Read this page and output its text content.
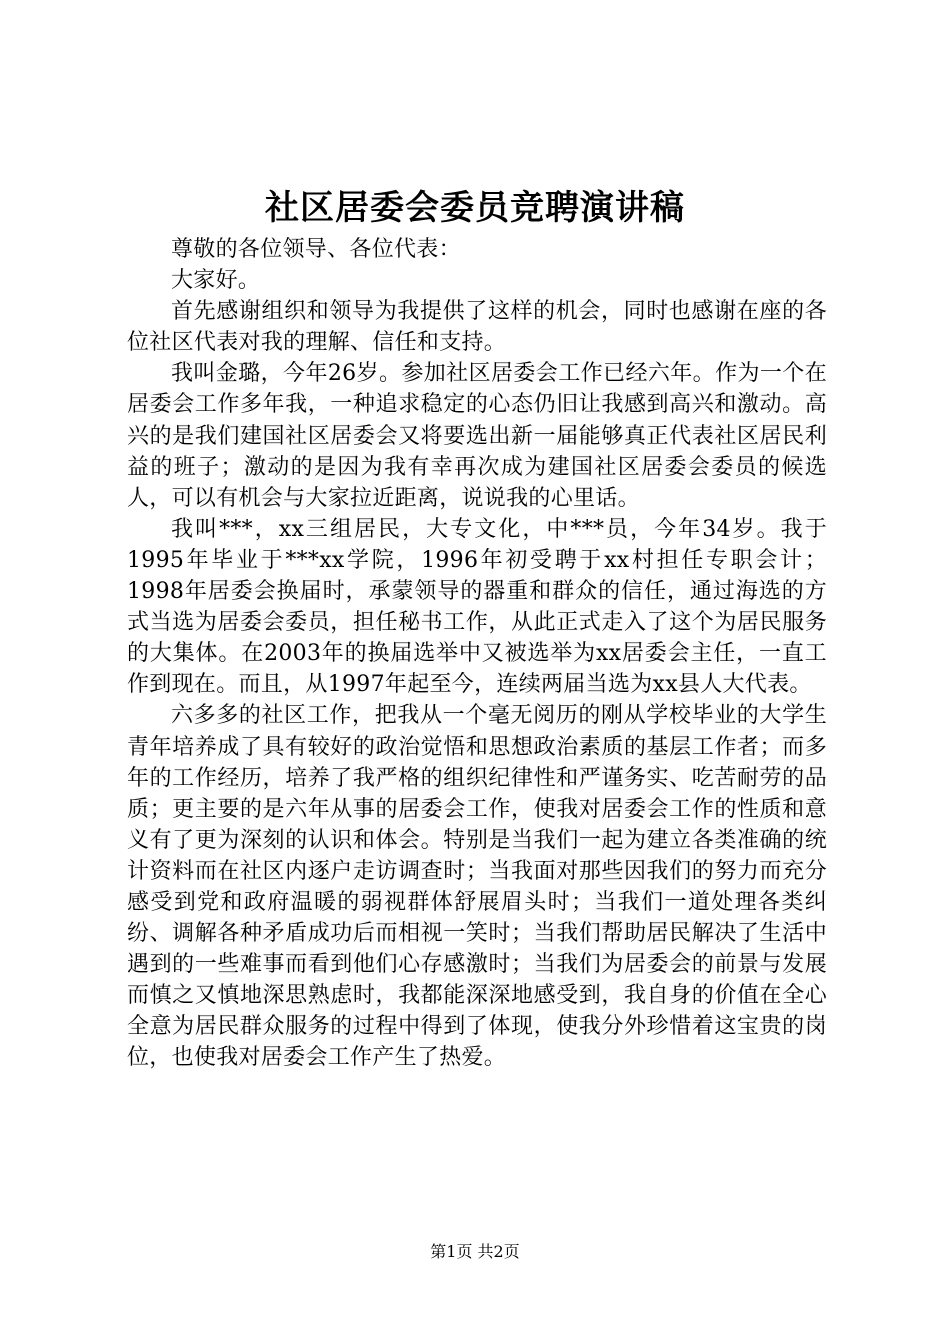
社区居委会委员竞聘演讲稿

尊敬的各位领导、各位代表：

大家好。

首先感谢组织和领导为我提供了这样的机会，同时也感谢在座的各位社区代表对我的理解、信任和支持。

我叫金璐，今年26岁。参加社区居委会工作已经六年。作为一个在居委会工作多年我，一种追求稳定的心态仍旧让我感到高兴和激动。高兴的是我们建国社区居委会又将要选出新一届能够真正代表社区居民利益的班子；激动的是因为我有幸再次成为建国社区居委会委员的候选人，可以有机会与大家拉近距离，说说我的心里话。

我叫***，xx三组居民，大专文化，中***员，今年34岁。我于1995年毕业于***xx学院，1996年初受聘于xx村担任专职会计；1998年居委会换届时，承蒙领导的器重和群众的信任，通过海选的方式当选为居委会委员，担任秘书工作，从此正式走入了这个为居民服务的大集体。在2003年的换届选举中又被选举为xx居委会主任，一直工作到现在。而且，从1997年起至今，连续两届当选为xx县人大代表。

六多多的社区工作，把我从一个毫无阅历的刚从学校毕业的大学生青年培养成了具有较好的政治觉悟和思想政治素质的基层工作者；而多年的工作经历，培养了我严格的组织纪律性和严谨务实、吃苦耐劳的品质；更主要的是六年从事的居委会工作，使我对居委会工作的性质和意义有了更为深刻的认识和体会。特别是当我们一起为建立各类准确的统计资料而在社区内逐户走访调查时；当我面对那些因我们的努力而充分感受到党和政府温暖的弱视群体舒展眉头时；当我们一道处理各类纠纷、调解各种矛盾成功后而相视一笑时；当我们帮助居民解决了生活中遇到的一些难事而看到他们心存感激时；当我们为居委会的前景与发展而慎之又慎地深思熟虑时，我都能深深地感受到，我自身的价值在全心全意为居民群众服务的过程中得到了体现，使我分外珍惜着这宝贵的岗位，也使我对居委会工作产生了热爱。

第1页 共2页
